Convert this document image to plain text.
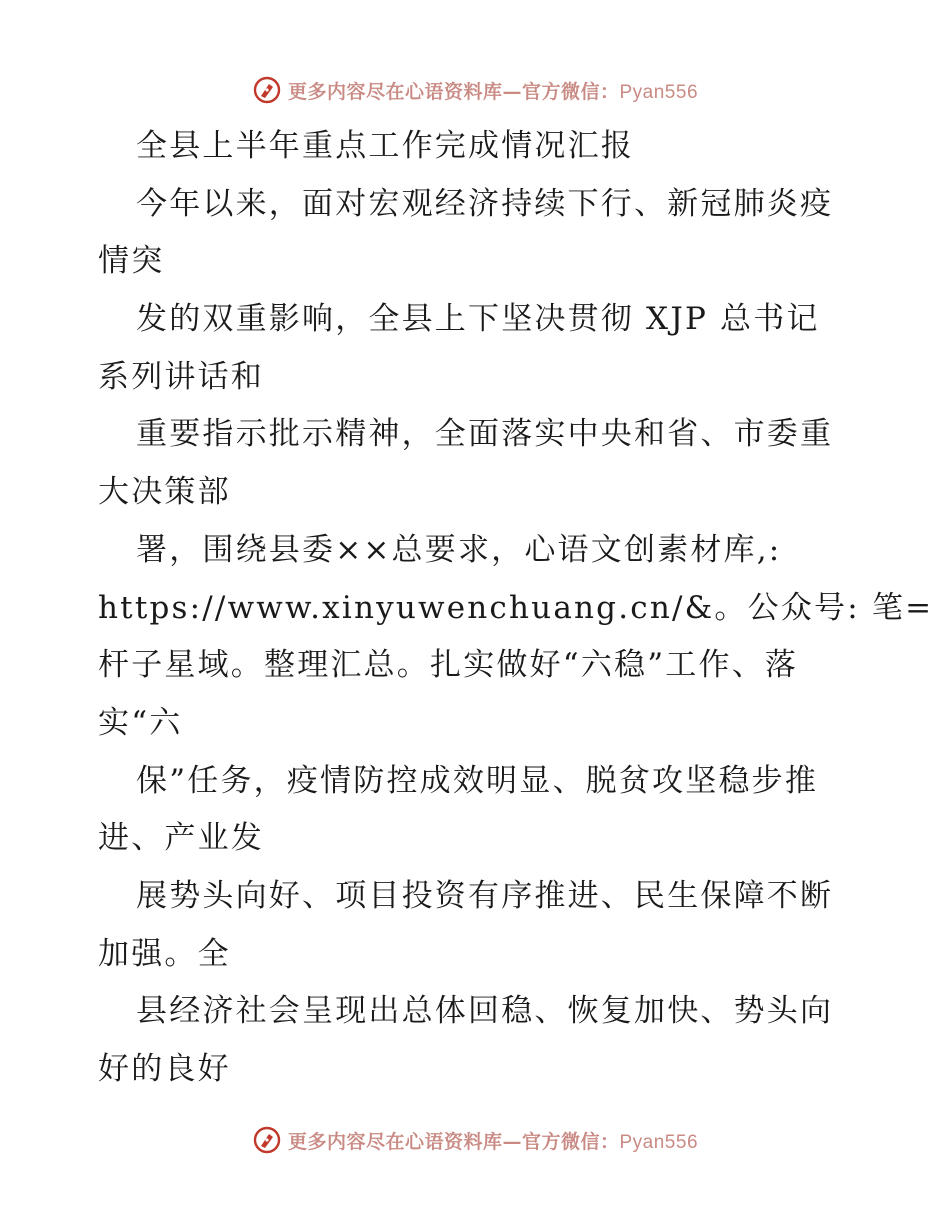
更多内容尽在心语资料库—官方微信：Pyan556
全县上半年重点工作完成情况汇报
今年以来，面对宏观经济持续下行、新冠肺炎疫
情突
发的双重影响，全县上下坚决贯彻 XJP 总书记
系列讲话和
重要指示批示精神，全面落实中央和省、市委重
大决策部
署，围绕县委××总要求，心语文创素材库,:
https://www.xinyuwenchuang.cn/&。公众号: 笔=
杆子星域。整理汇总。扎实做好“六稳”工作、落
实“六
保”任务，疫情防控成效明显、脱贫攻坚稳步推
进、产业发
展势头向好、项目投资有序推进、民生保障不断
加强。全
县经济社会呈现出总体回稳、恢复加快、势头向
好的良好
更多内容尽在心语资料库—官方微信：Pyan556
